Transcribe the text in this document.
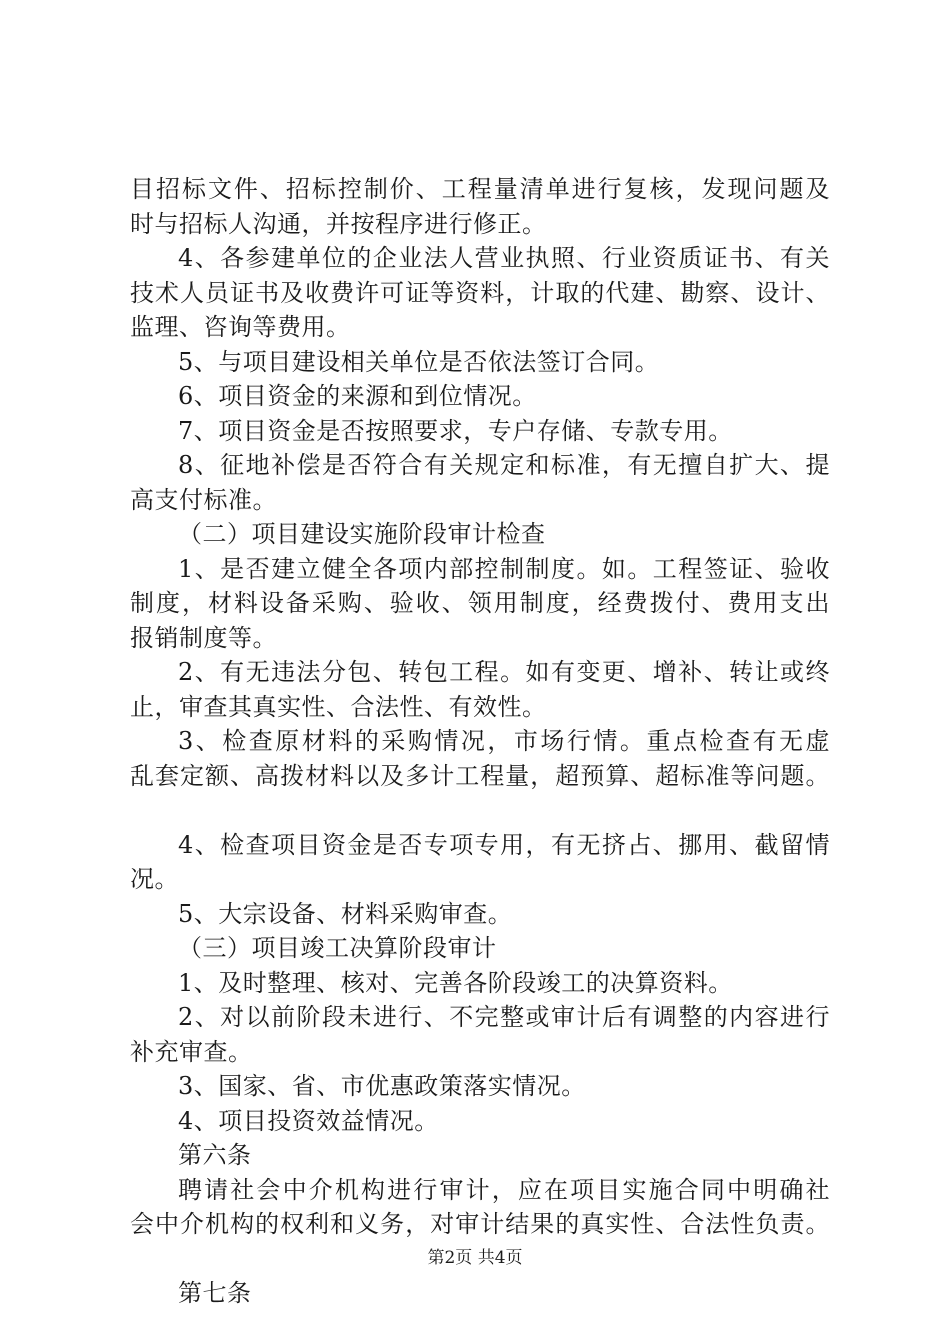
目招标文件、招标控制价、工程量清单进行复核，发现问题及
时与招标人沟通，并按程序进行修正。
4、各参建单位的企业法人营业执照、行业资质证书、有关
技术人员证书及收费许可证等资料，计取的代建、勘察、设计、
监理、咨询等费用。
5、与项目建设相关单位是否依法签订合同。
6、项目资金的来源和到位情况。
7、项目资金是否按照要求，专户存储、专款专用。
8、征地补偿是否符合有关规定和标准，有无擅自扩大、提
高支付标准。
（二）项目建设实施阶段审计检查
1、是否建立健全各项内部控制制度。如。工程签证、验收
制度，材料设备采购、验收、领用制度，经费拨付、费用支出
报销制度等。
2、有无违法分包、转包工程。如有变更、增补、转让或终
止，审查其真实性、合法性、有效性。
3、检查原材料的采购情况，市场行情。重点检查有无虚
乱套定额、高拨材料以及多计工程量，超预算、超标准等问题。
4、检查项目资金是否专项专用，有无挤占、挪用、截留情
况。
5、大宗设备、材料采购审查。
（三）项目竣工决算阶段审计
1、及时整理、核对、完善各阶段竣工的决算资料。
2、对以前阶段未进行、不完整或审计后有调整的内容进行
补充审查。
3、国家、省、市优惠政策落实情况。
4、项目投资效益情况。
第六条
聘请社会中介机构进行审计，应在项目实施合同中明确社
会中介机构的权利和义务，对审计结果的真实性、合法性负责。
第七条
第2页 共4页
